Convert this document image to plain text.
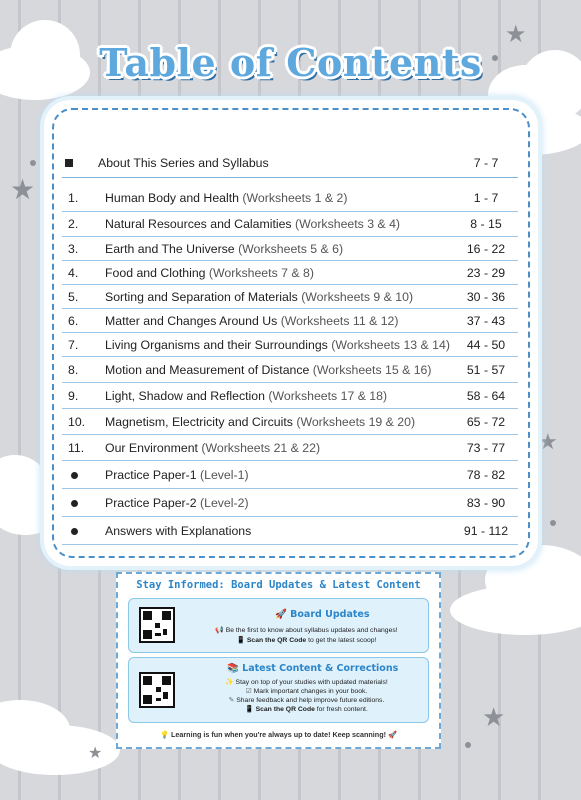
★
★
★
★
★
Table of Contents
About This Series and Syllabus	7 - 7
1.	Human Body and Health (Worksheets 1 & 2)	1 - 7
2.	Natural Resources and Calamities (Worksheets 3 & 4)	8 - 15
3.	Earth and The Universe (Worksheets 5 & 6)	16 - 22
4.	Food and Clothing (Worksheets 7 & 8)	23 - 29
5.	Sorting and Separation of Materials (Worksheets 9 & 10)	30 - 36
6.	Matter and Changes Around Us (Worksheets 11 & 12)	37 - 43
7.	Living Organisms and their Surroundings (Worksheets 13 & 14)	44 - 50
8.	Motion and Measurement of Distance (Worksheets 15 & 16)	51 - 57
9.	Light, Shadow and Reflection (Worksheets 17 & 18)	58 - 64
10.	Magnetism, Electricity and Circuits (Worksheets 19 & 20)	65 - 72
11.	Our Environment (Worksheets 21 & 22)	73 - 77
Practice Paper-1 (Level-1)	78 - 82
Practice Paper-2 (Level-2)	83 - 90
Answers with Explanations	91 - 112
Stay Informed: Board Updates & Latest Content
🚀 Board Updates
📢 Be the first to know about syllabus updates and changes!
📱 Scan the QR Code to get the latest scoop!
📚 Latest Content & Corrections
✨ Stay on top of your studies with updated materials!
☑ Mark important changes in your book.
✎ Share feedback and help improve future editions.
📱 Scan the QR Code for fresh content.
💡 Learning is fun when you're always up to date! Keep scanning! 🚀
